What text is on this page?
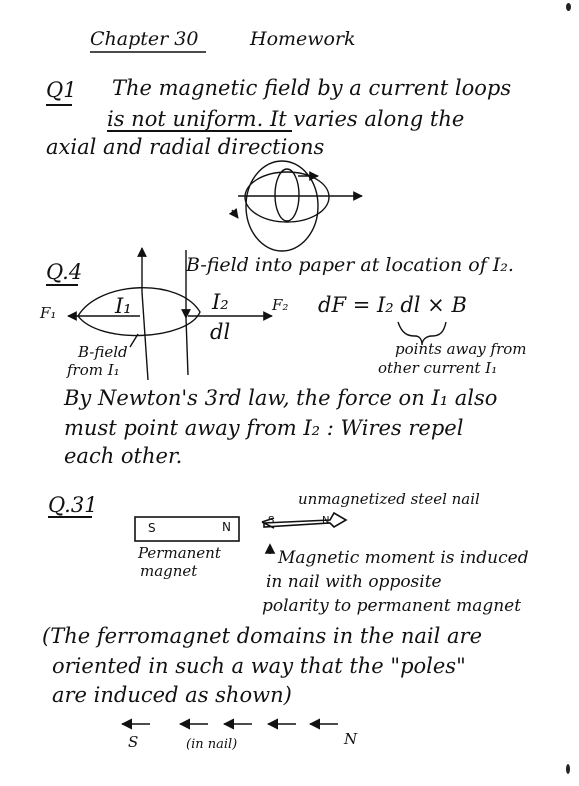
Chapter 30	Homework
Q1 The magnetic field by a current loops
is not uniform. It varies along the
axial and radial directions
Q.4	B-field into paper at location of I₂.
F₁	I₁	I₂	F₂
dl
dF = I₂ dl × B
points away from
other current I₁
B-field
from I₁
By Newton's 3rd law, the force on I₁ also
must point away from I₂ : Wires repel
each other.
Q.31	unmagnetized steel nail
S	N	S	N
Permanent
magnet
Magnetic moment is induced
in nail with opposite
polarity to permanent magnet
(The ferromagnet domains in the nail are
oriented in such a way that the "poles"
are induced as shown)
S	(in nail)	N
